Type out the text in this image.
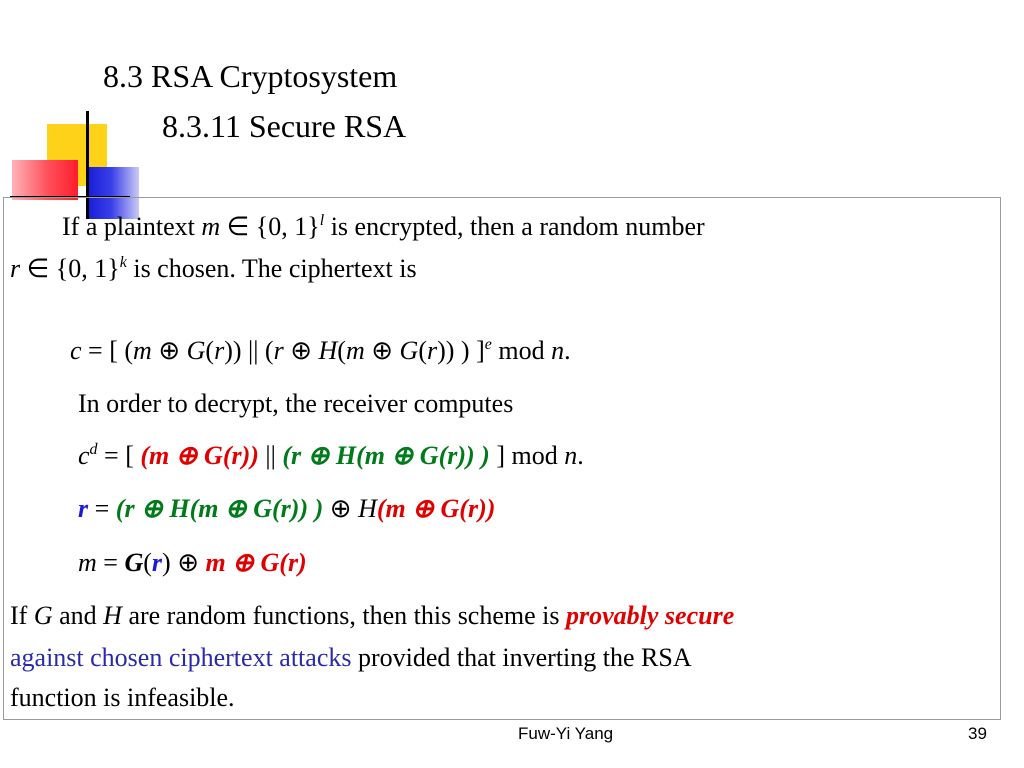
8.3 RSA Cryptosystem
8.3.11 Secure RSA
If a plaintext m ∈ {0, 1}$^l$ is encrypted, then a random number
r ∈ {0, 1}$^k$ is chosen. The ciphertext is
c = [ (m ⊕ G(r)) || (r ⊕ H(m ⊕ G(r)) ) ]$^e$ mod n.
In order to decrypt, the receiver computes
$c^d$ = [ (m ⊕ G(r)) || (r ⊕ H(m ⊕ G(r)) ) ] mod n.
r = (r ⊕ H(m ⊕ G(r)) ) ⊕ H(m ⊕ G(r))
m = G(r) ⊕ m ⊕ G(r)
If G and H are random functions, then this scheme is provably secure
against chosen ciphertext attacks provided that inverting the RSA
function is infeasible.
Fuw-Yi Yang	39
